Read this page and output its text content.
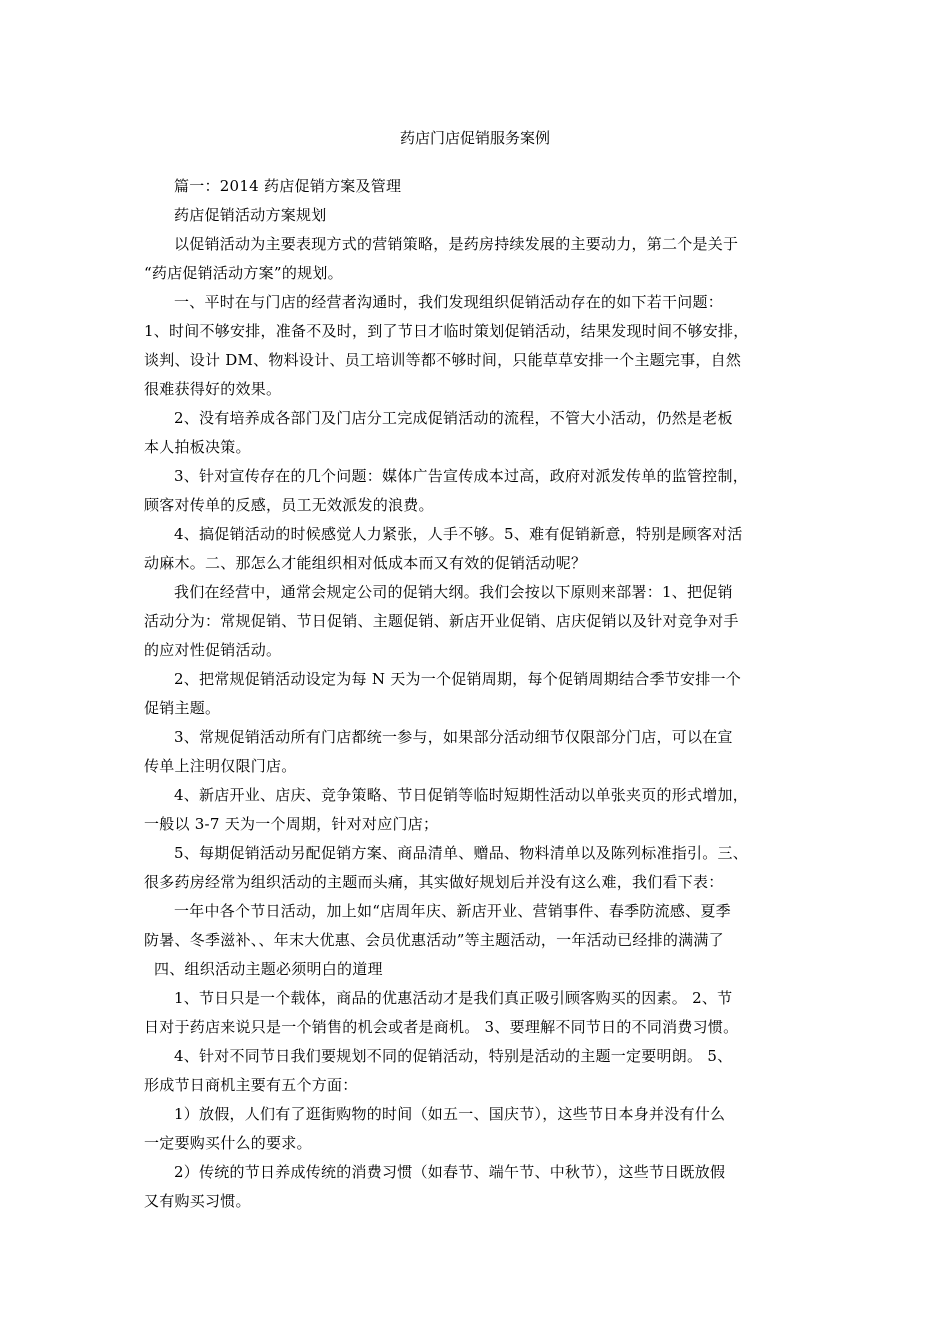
药店门店促销服务案例

篇一：2014 药店促销方案及管理

药店促销活动方案规划

以促销活动为主要表现方式的营销策略，是药房持续发展的主要动力，第二个是关于
“药店促销活动方案”的规划。

一、平时在与门店的经营者沟通时，我们发现组织促销活动存在的如下若干问题：
1、时间不够安排，准备不及时，到了节日才临时策划促销活动，结果发现时间不够安排，
谈判、设计 DM、物料设计、员工培训等都不够时间，只能草草安排一个主题完事，自然
很难获得好的效果。

2、没有培养成各部门及门店分工完成促销活动的流程，不管大小活动，仍然是老板
本人拍板决策。

3、针对宣传存在的几个问题：媒体广告宣传成本过高，政府对派发传单的监管控制，
顾客对传单的反感，员工无效派发的浪费。

4、搞促销活动的时候感觉人力紧张，人手不够。5、难有促销新意，特别是顾客对活
动麻木。二、那怎么才能组织相对低成本而又有效的促销活动呢？

我们在经营中，通常会规定公司的促销大纲。我们会按以下原则来部署：1、把促销
活动分为：常规促销、节日促销、主题促销、新店开业促销、店庆促销以及针对竞争对手
的应对性促销活动。

2、把常规促销活动设定为每 N 天为一个促销周期，每个促销周期结合季节安排一个
促销主题。

3、常规促销活动所有门店都统一参与，如果部分活动细节仅限部分门店，可以在宣
传单上注明仅限门店。

4、新店开业、店庆、竞争策略、节日促销等临时短期性活动以单张夹页的形式增加，
一般以 3-7 天为一个周期，针对对应门店；

5、每期促销活动另配促销方案、商品清单、赠品、物料清单以及陈列标准指引。三、
很多药房经常为组织活动的主题而头痛，其实做好规划后并没有这么难，我们看下表：

一年中各个节日活动，加上如“店周年庆、新店开业、营销事件、春季防流感、夏季
防暑、冬季滋补、、年末大优惠、会员优惠活动”等主题活动，一年活动已经排的满满了
四、组织活动主题必须明白的道理

1、节日只是一个载体，商品的优惠活动才是我们真正吸引顾客购买的因素。 2、节
日对于药店来说只是一个销售的机会或者是商机。 3、要理解不同节日的不同消费习惯。

4、针对不同节日我们要规划不同的促销活动，特别是活动的主题一定要明朗。 5、
形成节日商机主要有五个方面：

1）放假，人们有了逛街购物的时间（如五一、国庆节），这些节日本身并没有什么
一定要购买什么的要求。

2）传统的节日养成传统的消费习惯（如春节、端午节、中秋节），这些节日既放假
又有购买习惯。
